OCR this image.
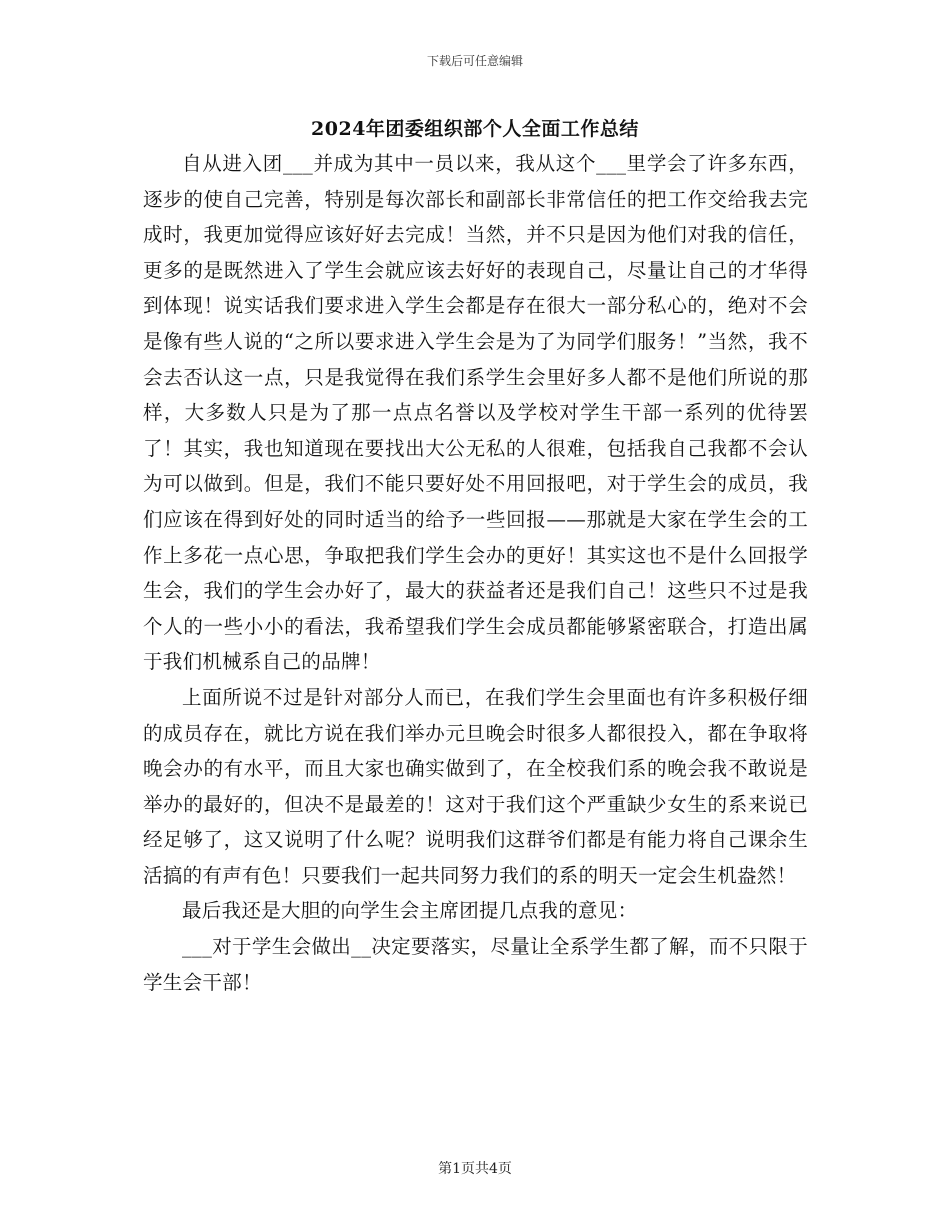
下载后可任意编辑
2024年团委组织部个人全面工作总结

自从进入团___并成为其中一员以来，我从这个___里学会了许多东西，逐步的使自己完善，特别是每次部长和副部长非常信任的把工作交给我去完成时，我更加觉得应该好好去完成！当然，并不只是因为他们对我的信任，更多的是既然进入了学生会就应该去好好的表现自己，尽量让自己的才华得到体现！说实话我们要求进入学生会都是存在很大一部分私心的，绝对不会是像有些人说的“之所以要求进入学生会是为了为同学们服务！”当然，我不会去否认这一点，只是我觉得在我们系学生会里好多人都不是他们所说的那样，大多数人只是为了那一点点名誉以及学校对学生干部一系列的优待罢了！其实，我也知道现在要找出大公无私的人很难，包括我自己我都不会认为可以做到。但是，我们不能只要好处不用回报吧，对于学生会的成员，我们应该在得到好处的同时适当的给予一些回报——那就是大家在学生会的工作上多花一点心思，争取把我们学生会办的更好！其实这也不是什么回报学生会，我们的学生会办好了，最大的获益者还是我们自己！这些只不过是我个人的一些小小的看法，我希望我们学生会成员都能够紧密联合，打造出属于我们机械系自己的品牌！

上面所说不过是针对部分人而已，在我们学生会里面也有许多积极仔细的成员存在，就比方说在我们举办元旦晚会时很多人都很投入，都在争取将晚会办的有水平，而且大家也确实做到了，在全校我们系的晚会我不敢说是举办的最好的，但决不是最差的！这对于我们这个严重缺少女生的系来说已经足够了，这又说明了什么呢？说明我们这群爷们都是有能力将自己课余生活搞的有声有色！只要我们一起共同努力我们的系的明天一定会生机盎然！

最后我还是大胆的向学生会主席团提几点我的意见：

___对于学生会做出__决定要落实，尽量让全系学生都了解，而不只限于学生会干部！

第1页共4页
